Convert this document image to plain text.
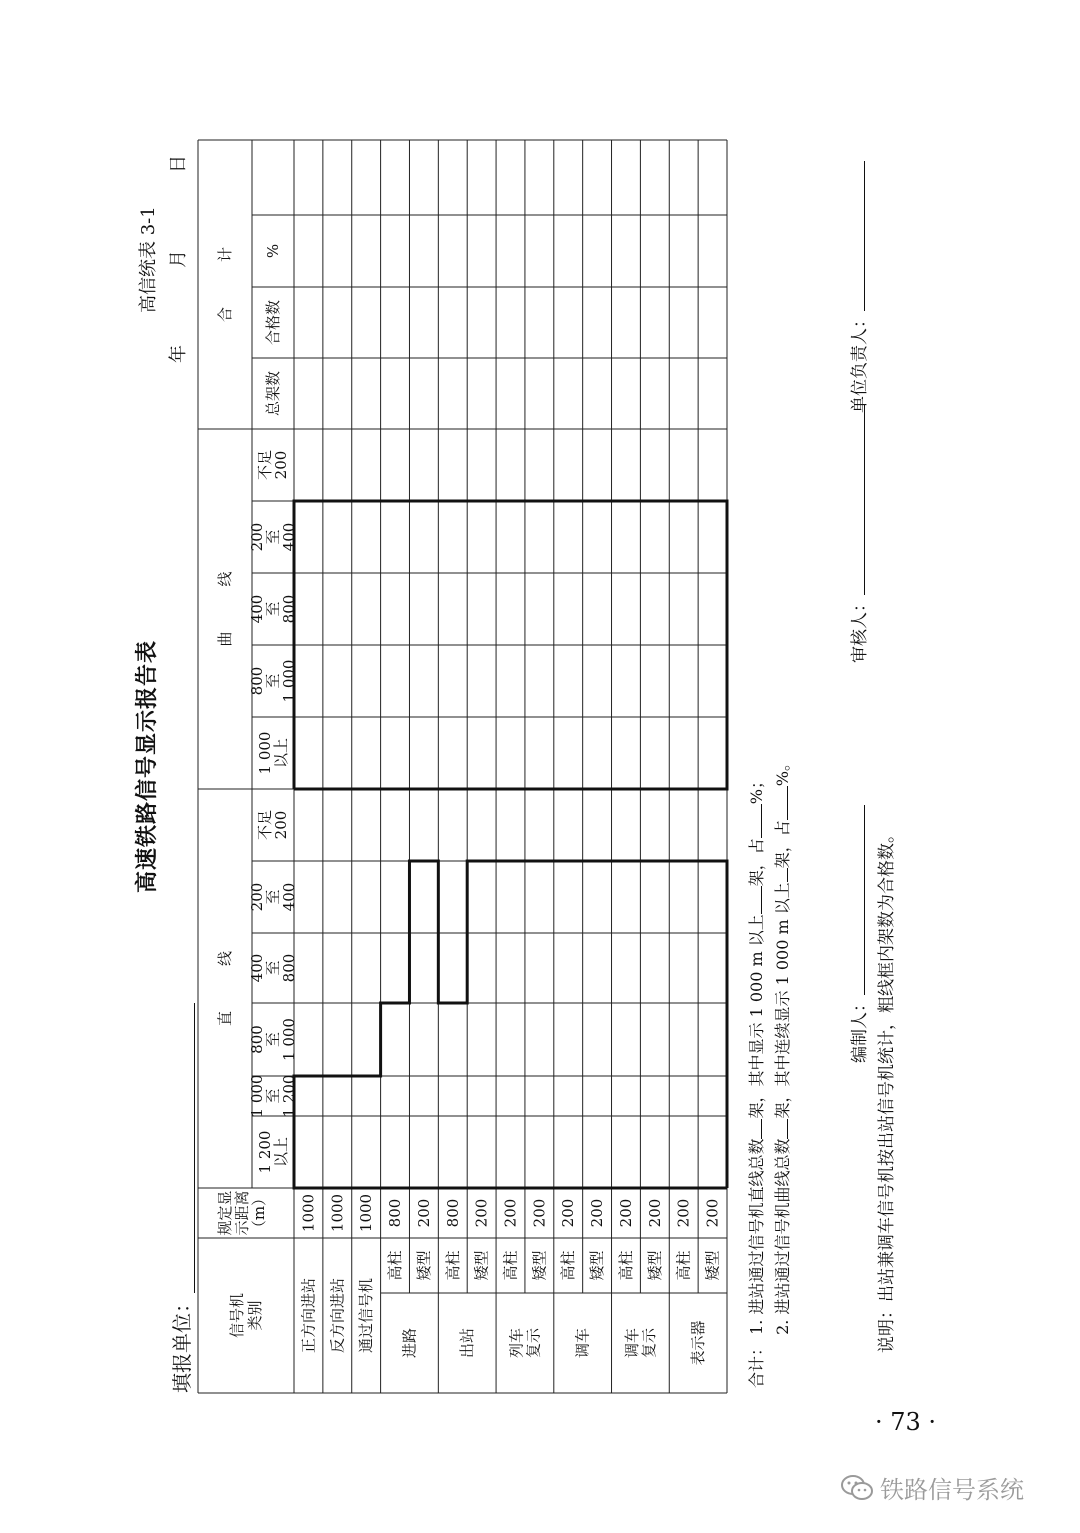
填报单位：
高速铁路信号显示报告表
高信统表 3-1
年
月
日
信号机类别
规定显示距离（m）
直　　　线
曲　　　线
合　　　计
1 200以上
1 000至1 200
800至1 000
400至800
200至400
不足200
1 000以上
800至1 000
400至800
200至400
不足200
总架数
合格数
%
正方向进站
1000
反方向进站
1000
通过信号机
1000
进路
高柱
800
矮型
200
出站
高柱
800
矮型
200
列车复示
高柱
200
矮型
200
调车
高柱
200
矮型
200
调车复示
高柱
200
矮型
200
表示器
高柱
200
矮型
200
合计： 1. 进站通过信号机直线总数架，其中显示 1 000 m 以上架，占%；
2. 进站通过信号机曲线总数架，其中连续显示 1 000 m 以上架，占%。
编制人：
审核人：
单位负责人：
说明：出站兼调车信号机按出站信号机统计，粗线框内架数为合格数。
· 73 ·
铁路信号系统
